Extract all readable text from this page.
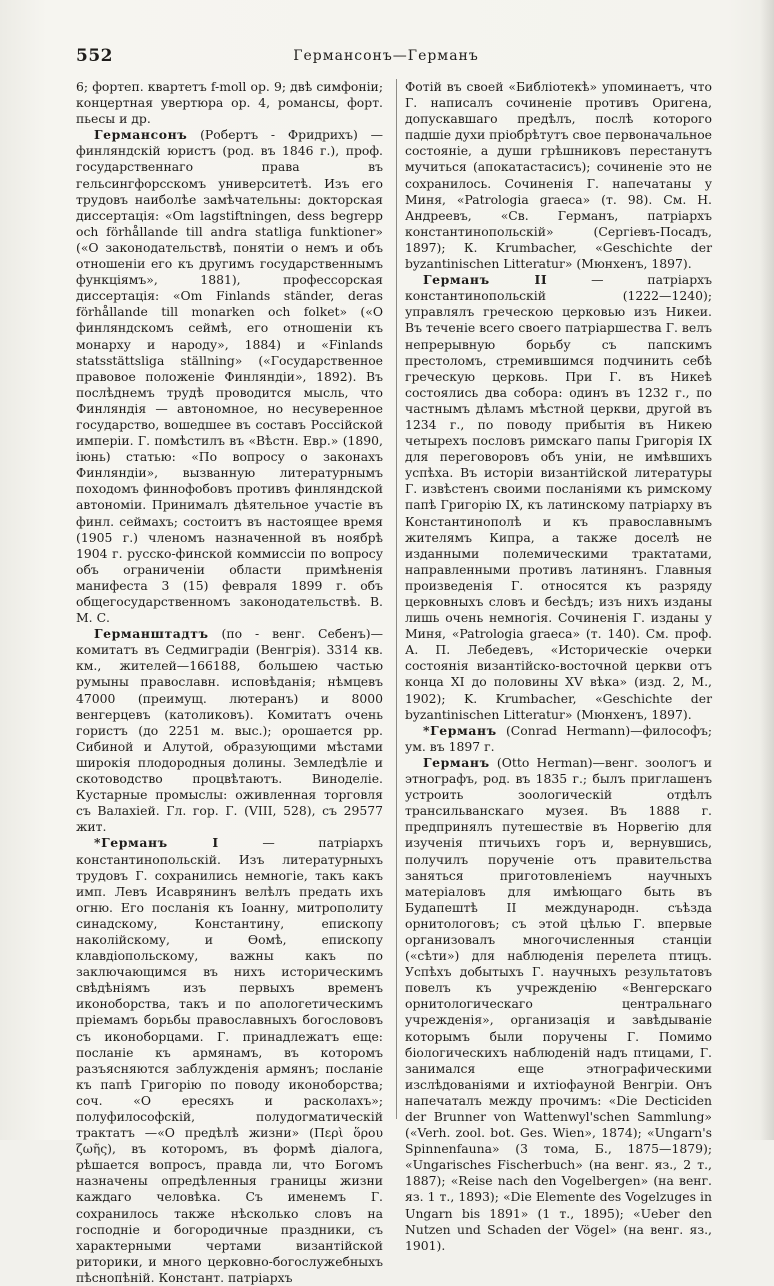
552	Германсонъ—Германъ

6; фортеп. квартетъ f-moll op. 9; двѣ симфоніи; концертная увертюра ор. 4, романсы, форт. пьесы и др.

Германсонъ (Робертъ - Фридрихъ) — финляндскій юристъ (род. въ 1846 г.), проф. государственнаго права въ гельсингфорсскомъ университетѣ. Изъ его трудовъ наиболѣе замѣчательны: докторская диссертація: «Om lagstiftningen, dess begrepp och förhållande till andra statliga funktioner» («О законодательствѣ, понятіи о немъ и объ отношеніи его къ другимъ государственнымъ функціямъ», 1881), профессорская диссертація: «Om Finlands ständer, deras förhållande till monarken och folket» («О финляндскомъ сеймѣ, его отношеніи къ монарху и народу», 1884) и «Finlands statsstättsliga ställning» («Государственное правовое положеніе Финляндіи», 1892). Въ послѣднемъ трудѣ проводится мысль, что Финляндія — автономное, но несуверенное государство, вошедшее въ составъ Россійской имперіи. Г. помѣстилъ въ «Вѣстн. Евр.» (1890, іюнь) статью: «По вопросу о законахъ Финляндіи», вызванную литературнымъ походомъ финнофобовъ противъ финляндской автономіи. Принималъ дѣятельное участіе въ финл. сеймахъ; состоитъ въ настоящее время (1905 г.) членомъ назначенной въ ноябрѣ 1904 г. русско-финской коммиссіи по вопросу объ ограниченіи области примѣненія манифеста 3 (15) февраля 1899 г. объ общегосударственномъ законодательствѣ. В. М. С.

Германштадтъ (по - венг. Себенъ)— комитатъ въ Седмиградіи (Венгрія). 3314 кв. км., жителей—166188, большею частью румыны православн. исповѣданія; нѣмцевъ 47000 (преимущ. лютеранъ) и 8000 венгерцевъ (католиковъ). Комитатъ очень гористъ (до 2251 м. выс.); орошается рр. Сибиной и Алутой, образующими мѣстами широкія плодородныя долины. Земледѣліе и скотоводство процвѣтаютъ. Виноделіе. Кустарные промыслы: оживленная торговля съ Валахіей. Гл. гор. Г. (VIII, 528), съ 29577 жит.

*Германъ I — патріархъ константинопольскій. Изъ литературныхъ трудовъ Г. сохранились немногіе, такъ какъ имп. Левъ Исаврянинъ велѣлъ предать ихъ огню. Его посланія къ Іоанну, митрополиту синадскому, Константину, епископу наколійскому, и Ѳомѣ, епископу клавдіопольскому, важны какъ по заключающимся въ нихъ историческимъ свѣдѣніямъ изъ первыхъ временъ иконоборства, такъ и по апологетическимъ пріемамъ борьбы православныхъ богослововъ съ иконоборцами. Г. принадлежатъ еще: посланіе къ армянамъ, въ которомъ разъясняются заблужденія армянъ; посланіе къ папѣ Григорію по поводу иконоборства; соч. «О ересяхъ и расколахъ»; полуфилософскій, полудогматическій трактатъ —«О предѣлѣ жизни» (Περὶ ὅρου ζωῆς), въ которомъ, въ формѣ діалога, рѣшается вопросъ, правда ли, что Богомъ назначены опредѣленныя границы жизни каждаго человѣка. Съ именемъ Г. сохранилось также нѣсколько словъ на господніе и богородичные праздники, съ характерными чертами византійской риторики, и много церковно-богослужебныхъ пѣснопѣній. Констант. патріархъ

Фотій въ своей «Библіотекѣ» упоминаетъ, что Г. написалъ сочиненіе противъ Оригена, допускавшаго предѣлъ, послѣ которого падшіе духи пріобрѣтутъ свое первоначальное состояніе, а души грѣшниковъ перестанутъ мучиться (апокатастасисъ); сочиненіе это не сохранилось. Сочиненія Г. напечатаны у Миня, «Patrologia graeca» (т. 98). См. Н. Андреевъ, «Св. Германъ, патріархъ константинопольскій» (Сергіевъ-Посадъ, 1897); К. Krumbacher, «Geschichte der byzantinischen Litteratur» (Мюнхенъ, 1897).

Германъ II — патріархъ константинопольскій (1222—1240); управлялъ греческою церковью изъ Никеи. Въ теченіе всего своего патріаршества Г. велъ непрерывную борьбу съ папскимъ престоломъ, стремившимся подчинить себѣ греческую церковь. При Г. въ Никеѣ состоялись два собора: одинъ въ 1232 г., по частнымъ дѣламъ мѣстной церкви, другой въ 1234 г., по поводу прибытія въ Никею четырехъ пословъ римскаго папы Григорія IX для переговоровъ объ уніи, не имѣвшихъ успѣха. Въ исторіи византійской литературы Г. извѣстенъ своими посланіями къ римскому папѣ Григорію IX, къ латинскому патріарху въ Константинополѣ и къ православнымъ жителямъ Кипра, а также доселѣ не изданными полемическими трактатами, направленными противъ латинянъ. Главныя произведенія Г. относятся къ разряду церковныхъ словъ и бесѣдъ; изъ нихъ изданы лишь очень немногія. Сочиненія Г. изданы у Миня, «Patrologia graeca» (т. 140). См. проф. А. П. Лебедевъ, «Историческіе очерки состоянія византійско-восточной церкви отъ конца XI до половины XV вѣка» (изд. 2, М., 1902); K. Krumbacher, «Geschichte der byzantinischen Litteratur» (Мюнхенъ, 1897).

*Германъ (Conrad Hermann)—философъ; ум. въ 1897 г.

Германъ (Otto Herman)—венг. зоологъ и этнографъ, род. въ 1835 г.; былъ приглашенъ устроить зоологическій отдѣлъ трансильванскаго музея. Въ 1888 г. предпринялъ путешествіе въ Норвегію для изученія птичьихъ горъ и, вернувшись, получилъ порученіе отъ правительства заняться приготовленіемъ научныхъ матеріаловъ для имѣющаго быть въ Будапештѣ II международн. съѣзда орнитологовъ; съ этой цѣлью Г. впервые организовалъ многочисленныя станціи («сѣти») для наблюденія перелета птицъ. Успѣхъ добытыхъ Г. научныхъ результатовъ повелъ къ учрежденію «Венгерскаго орнитологическаго центральнаго учрежденія», организація и завѣдываніе которымъ были поручены Г. Помимо біологическихъ наблюденій надъ птицами, Г. занимался еще этнографическими изслѣдованіями и ихтіофауной Венгріи. Онъ напечаталъ между прочимъ: «Die Decticiden der Brunner von Wattenwyl'schen Sammlung» («Verh. zool. bot. Ges. Wien», 1874); «Ungarn's Spinnenfauna» (3 тома, Б., 1875—1879); «Ungarisches Fischerbuch» (на венг. яз., 2 т., 1887); «Reise nach den Vogelbergen» (на венг. яз. 1 т., 1893); «Die Elemente des Vogelzuges in Ungarn bis 1891» (1 т., 1895); «Ueber den Nutzen und Schaden der Vögel» (на венг. яз., 1901).
